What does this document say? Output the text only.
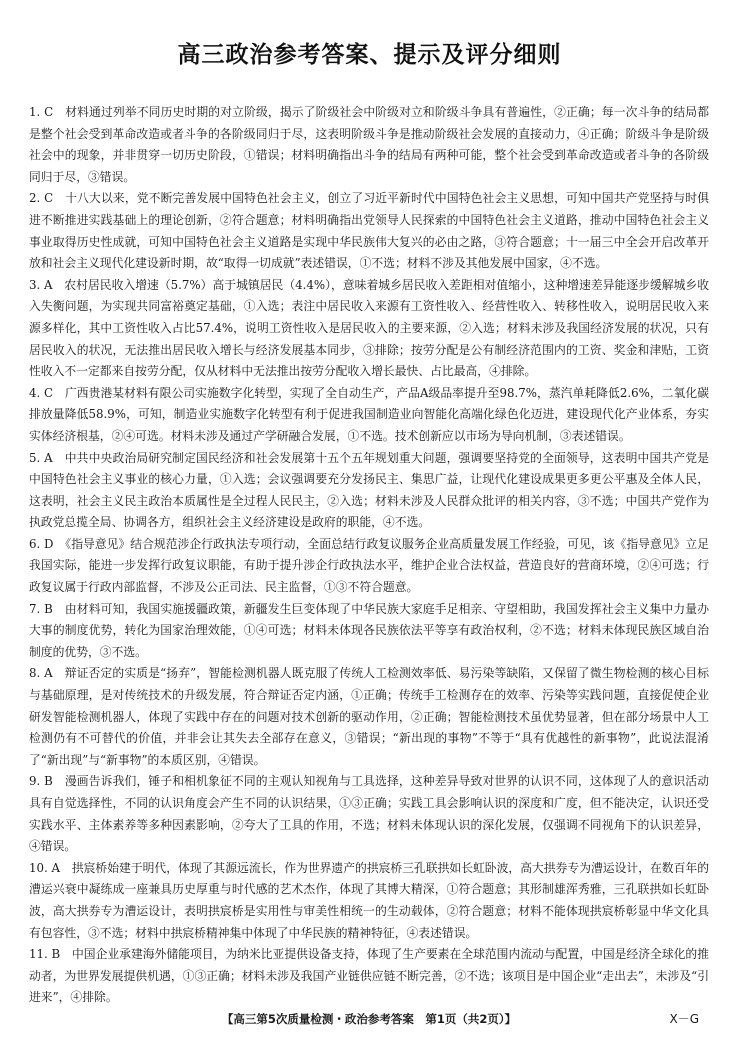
高三政治参考答案、提示及评分细则

1. C　材料通过列举不同历史时期的对立阶级，揭示了阶级社会中阶级对立和阶级斗争具有普遍性，②正确；每一次斗争的结局都是整个社会受到革命改造或者斗争的各阶级同归于尽，这表明阶级斗争是推动阶级社会发展的直接动力，④正确；阶级斗争是阶级社会中的现象，并非贯穿一切历史阶段，①错误；材料明确指出斗争的结局有两种可能，整个社会受到革命改造或者斗争的各阶级同归于尽，③错误。

2. C　十八大以来，党不断完善发展中国特色社会主义，创立了习近平新时代中国特色社会主义思想，可知中国共产党坚持与时俱进不断推进实践基础上的理论创新，②符合题意；材料明确指出党领导人民探索的中国特色社会主义道路，推动中国特色社会主义事业取得历史性成就，可知中国特色社会主义道路是实现中华民族伟大复兴的必由之路，③符合题意；十一届三中全会开启改革开放和社会主义现代化建设新时期，故“取得一切成就”表述错误，①不选；材料不涉及其他发展中国家，④不选。

3. A　农村居民收入增速（5.7%）高于城镇居民（4.4%），意味着城乡居民收入差距相对值缩小，这种增速差异能逐步缓解城乡收入失衡问题，为实现共同富裕奠定基础，①入选；表注中居民收入来源有工资性收入、经营性收入、转移性收入，说明居民收入来源多样化，其中工资性收入占比57.4%，说明工资性收入是居民收入的主要来源，②入选；材料未涉及我国经济发展的状况，只有居民收入的状况，无法推出居民收入增长与经济发展基本同步，③排除；按劳分配是公有制经济范围内的工资、奖金和津贴，工资性收入不一定都来自按劳分配，仅从材料中无法推出按劳分配收入增长最快、占比最高，④排除。

4. C　广西贵港某材料有限公司实施数字化转型，实现了全自动生产，产品A级品率提升至98.7%，蒸汽单耗降低2.6%，二氧化碳排放量降低58.9%，可知，制造业实施数字化转型有利于促进我国制造业向智能化高端化绿色化迈进，建设现代化产业体系，夯实实体经济根基，②④可选。材料未涉及通过产学研融合发展，①不选。技术创新应以市场为导向机制，③表述错误。

5. A　中共中央政治局研究制定国民经济和社会发展第十五个五年规划重大问题，强调要坚持党的全面领导，这表明中国共产党是中国特色社会主义事业的核心力量，①入选；会议强调要充分发扬民主、集思广益，让现代化建设成果更多更公平惠及全体人民，这表明，社会主义民主政治本质属性是全过程人民民主，②入选；材料未涉及人民群众批评的相关内容，③不选；中国共产党作为执政党总揽全局、协调各方，组织社会主义经济建设是政府的职能，④不选。

6. D　《指导意见》结合规范涉企行政执法专项行动，全面总结行政复议服务企业高质量发展工作经验，可见，该《指导意见》立足我国实际，能进一步发挥行政复议职能，有助于提升涉企行政执法水平，维护企业合法权益，营造良好的营商环境，②④可选；行政复议属于行政内部监督，不涉及公正司法、民主监督，①③不符合题意。

7. B　由材料可知，我国实施援疆政策，新疆发生巨变体现了中华民族大家庭手足相亲、守望相助，我国发挥社会主义集中力量办大事的制度优势，转化为国家治理效能，①④可选；材料未体现各民族依法平等享有政治权利，②不选；材料未体现民族区域自治制度的优势，③不选。

8. A　辩证否定的实质是“扬弃”，智能检测机器人既克服了传统人工检测效率低、易污染等缺陷，又保留了微生物检测的核心目标与基础原理，是对传统技术的升级发展，符合辩证否定内涵，①正确；传统手工检测存在的效率、污染等实践问题，直接促使企业研发智能检测机器人，体现了实践中存在的问题对技术创新的驱动作用，②正确；智能检测技术虽优势显著，但在部分场景中人工检测仍有不可替代的价值，并非会让其失去全部存在意义，③错误；“新出现的事物”不等于“具有优越性的新事物”，此说法混淆了“新出现”与“新事物”的本质区别，④错误。

9. B　漫画告诉我们，锤子和相机象征不同的主观认知视角与工具选择，这种差异导致对世界的认识不同，这体现了人的意识活动具有自觉选择性，不同的认识角度会产生不同的认识结果，①③正确；实践工具会影响认识的深度和广度，但不能决定，认识还受实践水平、主体素养等多种因素影响，②夸大了工具的作用，不选；材料未体现认识的深化发展，仅强调不同视角下的认识差异，④错误。

10. A　拱宸桥始建于明代，体现了其源远流长，作为世界遗产的拱宸桥三孔联拱如长虹卧波，高大拱券专为漕运设计，在数百年的漕运兴衰中凝练成一座兼具历史厚重与时代感的艺术杰作，体现了其博大精深，①符合题意；其形制雄浑秀雅，三孔联拱如长虹卧波，高大拱券专为漕运设计，表明拱宸桥是实用性与审美性相统一的生动载体，②符合题意；材料不能体现拱宸桥彰显中华文化具有包容性，③不选；材料中拱宸桥精神集中体现了中华民族的精神特征，④表述错误。

11. B　中国企业承建海外储能项目，为纳米比亚提供设备支持，体现了生产要素在全球范围内流动与配置，中国是经济全球化的推动者，为世界发展提供机遇，①③正确；材料未涉及我国产业链供应链不断完善，②不选；该项目是中国企业“走出去”，未涉及“引进来”，④排除。

【高三第5次质量检测・政治参考答案　第1页（共2页）】	X－G
